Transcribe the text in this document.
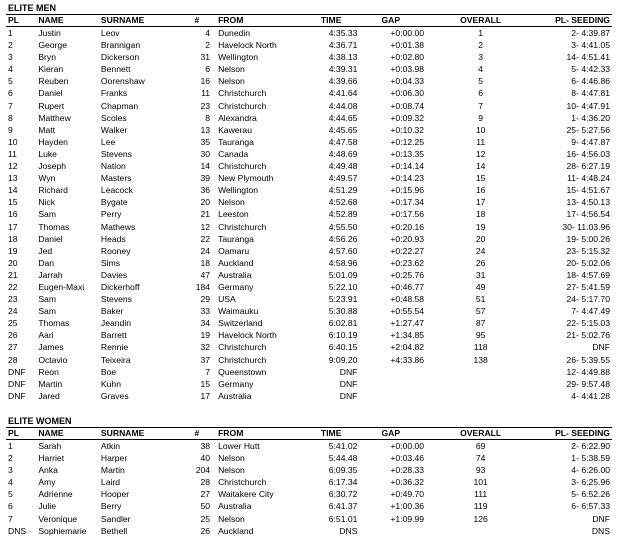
ELITE MEN
PL	NAME	SURNAME	#	FROM	TIME	GAP	OVERALL	PL- SEEDING
1	Justin	Leov	4	Dunedin	4:35.33	+0:00.00	1	2- 4:39.87
2	George	Brannigan	2	Havelock North	4:36.71	+0:01.38	2	3- 4:41.05
3	Bryn	Dickerson	31	Wellington	4:38.13	+0:02.80	3	14- 4:51.41
4	Kieran	Bennett	6	Nelson	4:39.31	+0:03.98	4	5- 4:42.33
5	Reuben	Oorenshaw	16	Nelson	4:39.66	+0:04.33	5	6- 4:46.86
6	Daniel	Franks	11	Christchurch	4:41.64	+0:06.30	6	8- 4:47.81
7	Rupert	Chapman	23	Christchurch	4:44.08	+0:08.74	7	10- 4:47.91
8	Matthew	Scoles	8	Alexandra	4:44.65	+0:09.32	9	1- 4:36.20
9	Matt	Walker	13	Kawerau	4:45.65	+0:10.32	10	25- 5:27.56
10	Hayden	Lee	35	Tauranga	4:47.58	+0:12.25	11	9- 4:47.87
11	Luke	Stevens	30	Canada	4:48.69	+0:13.35	12	16- 4:56.03
12	Joseph	Nation	14	Christchurch	4:49.48	+0:14.14	14	28- 6:27.19
13	Wyn	Masters	39	New Plymouth	4:49.57	+0:14.23	15	11- 4:48.24
14	Richard	Leacock	36	Wellington	4:51.29	+0:15.96	16	15- 4:51.67
15	Nick	Bygate	20	Nelson	4:52.68	+0:17.34	17	13- 4:50.13
16	Sam	Perry	21	Leeston	4:52.89	+0:17.56	18	17- 4:56.54
17	Thomas	Mathews	12	Christchurch	4:55.50	+0:20.16	19	30- 11:03.96
18	Daniel	Heads	22	Tauranga	4:56.26	+0:20.93	20	19- 5:00.26
19	Jed	Rooney	24	Oamaru	4:57.60	+0:22.27	24	23- 5:15.32
20	Dan	Sims	18	Auckland	4:58.96	+0:23.62	26	20- 5:02.06
21	Jarrah	Davies	47	Australia	5:01.09	+0:25.76	31	18- 4:57.69
22	Eugen-Maxi	Dickerhoff	184	Germany	5:22.10	+0:46.77	49	27- 5:41.59
23	Sam	Stevens	29	USA	5:23.91	+0:48.58	51	24- 5:17.70
24	Sam	Baker	33	Waimauku	5:30.88	+0:55.54	57	7- 4:47.49
25	Thomas	Jeandin	34	Switzerland	6:02.81	+1:27.47	87	22- 5:15.03
26	Aari	Barrett	19	Havelock North	6:10.19	+1:34.85	95	21- 5:02.76
27	James	Rennie	32	Christchurch	6:40.15	+2:04.82	118	DNF
28	Octavio	Teixeira	37	Christchurch	9:09.20	+4:33.86	138	26- 5:39.55
DNF	Reon	Boe	7	Queenstown	DNF			12- 4:49.88
DNF	Martin	Kuhn	15	Germany	DNF			29- 9:57.48
DNF	Jared	Graves	17	Australia	DNF			4- 4:41.28
ELITE WOMEN
PL	NAME	SURNAME	#	FROM	TIME	GAP	OVERALL	PL- SEEDING
1	Sarah	Atkin	38	Lower Hutt	5:41.02	+0:00.00	69	2- 6:22.90
2	Harriet	Harper	40	Nelson	5:44.48	+0:03.46	74	1- 5:38.59
3	Anka	Martin	204	Nelson	6:09.35	+0:28.33	93	4- 6:26.00
4	Amy	Laird	28	Christchurch	6:17.34	+0:36.32	101	3- 6:25.96
5	Adrienne	Hooper	27	Waitakere City	6:30.72	+0:49.70	111	5- 6:52.26
6	Julie	Berry	50	Australia	6:41.37	+1:00.36	119	6- 6:57.33
7	Veronique	Sandler	25	Nelson	6:51.01	+1:09.99	126	DNF
DNS	Sophiemarie	Bethell	26	Auckland	DNS			DNS
